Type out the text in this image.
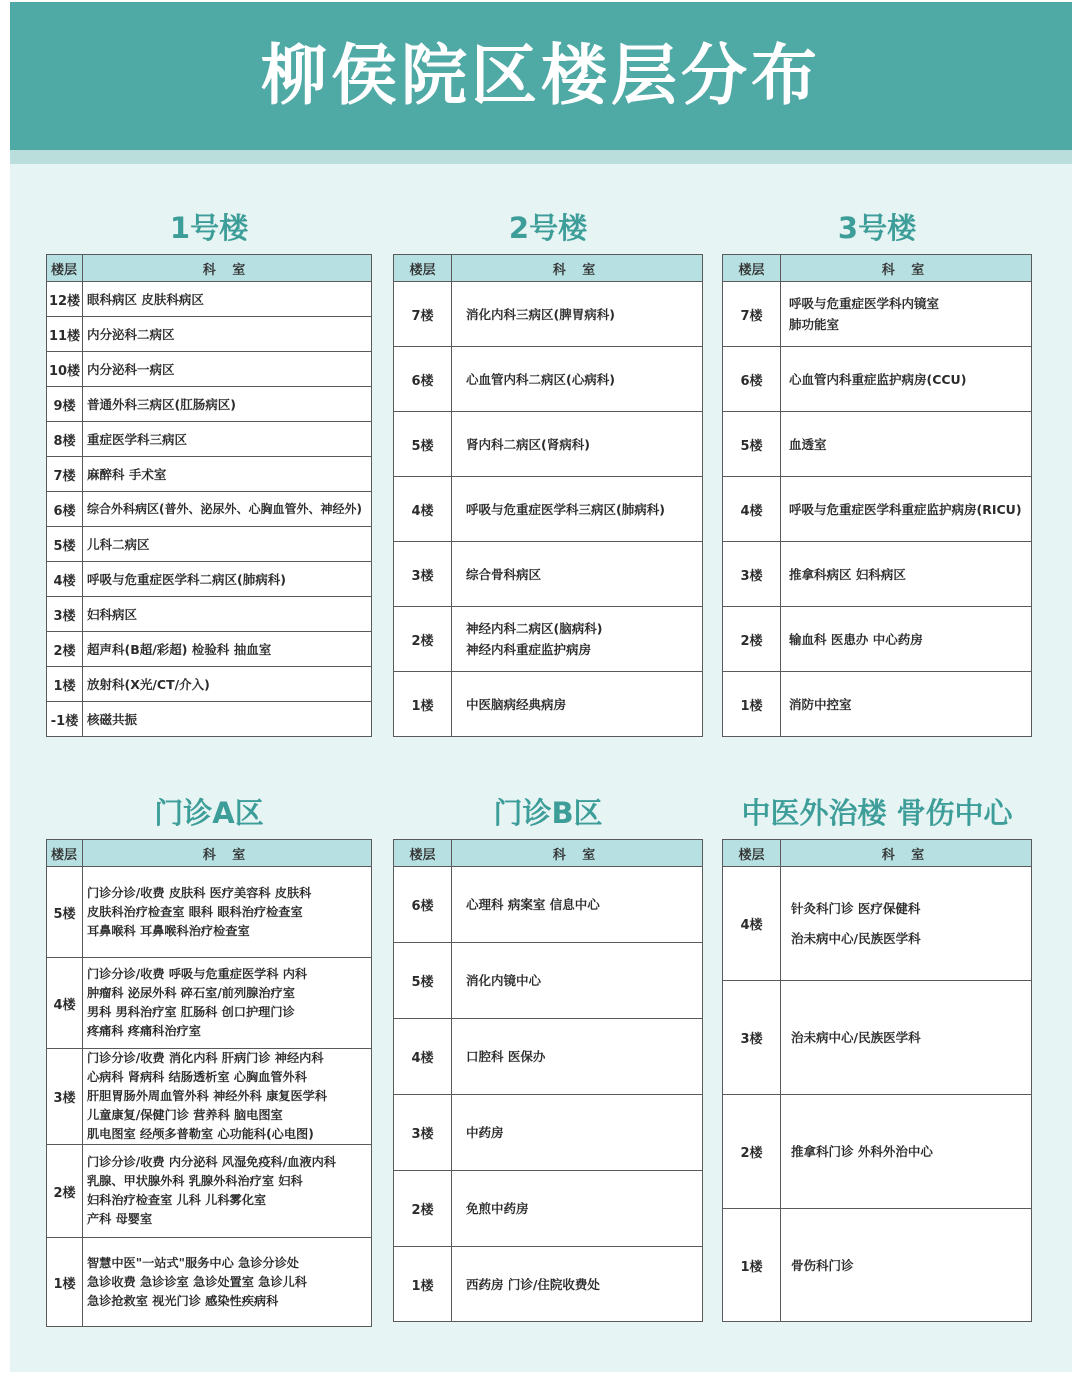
柳侯院区楼层分布
1号楼	2号楼	3号楼
门诊A区	门诊B区	中医外治楼 骨伤中心
楼层	科 室
12楼	眼科病区 皮肤科病区

11楼	内分泌科二病区

10楼	内分泌科一病区

9楼	普通外科三病区(肛肠病区)

8楼	重症医学科三病区

7楼	麻醉科 手术室

6楼	综合外科病区(普外、泌尿外、心胸血管外、神经外)

5楼	儿科二病区

4楼	呼吸与危重症医学科二病区(肺病科)

3楼	妇科病区

2楼	超声科(B超/彩超) 检验科 抽血室

1楼	放射科(X光/CT/介入)

-1楼	核磁共振
楼层	科 室
7楼	消化内科三病区(脾胃病科)

6楼	心血管内科二病区(心病科)

5楼	肾内科二病区(肾病科)

4楼	呼吸与危重症医学科三病区(肺病科)

3楼	综合骨科病区

2楼	神经内科二病区(脑病科)
神经内科重症监护病房

1楼	中医脑病经典病房
楼层	科 室
7楼	呼吸与危重症医学科内镜室
肺功能室

6楼	心血管内科重症监护病房(CCU)

5楼	血透室

4楼	呼吸与危重症医学科重症监护病房(RICU)

3楼	推拿科病区 妇科病区

2楼	输血科 医患办 中心药房

1楼	消防中控室
楼层	科 室
5楼	门诊分诊/收费 皮肤科 医疗美容科 皮肤科
皮肤科治疗检查室 眼科 眼科治疗检查室
耳鼻喉科 耳鼻喉科治疗检查室

4楼	门诊分诊/收费 呼吸与危重症医学科 内科
肿瘤科 泌尿外科 碎石室/前列腺治疗室
男科 男科治疗室 肛肠科 创口护理门诊
疼痛科 疼痛科治疗室

3楼	门诊分诊/收费 消化内科 肝病门诊 神经内科
心病科 肾病科 结肠透析室 心胸血管外科
肝胆胃肠外周血管外科 神经外科 康复医学科
儿童康复/保健门诊 营养科 脑电图室
肌电图室 经颅多普勒室 心功能科(心电图)

2楼	门诊分诊/收费 内分泌科 风湿免疫科/血液内科
乳腺、甲状腺外科 乳腺外科治疗室 妇科
妇科治疗检查室 儿科 儿科雾化室
产科 母婴室

1楼	智慧中医"一站式"服务中心 急诊分诊处
急诊收费 急诊诊室 急诊处置室 急诊儿科
急诊抢救室 视光门诊 感染性疾病科
楼层	科 室
6楼	心理科 病案室 信息中心

5楼	消化内镜中心

4楼	口腔科 医保办

3楼	中药房

2楼	免煎中药房

1楼	西药房 门诊/住院收费处
楼层	科 室
4楼	针灸科门诊 医疗保健科
治未病中心/民族医学科

3楼	治未病中心/民族医学科

2楼	推拿科门诊 外科外治中心

1楼	骨伤科门诊
